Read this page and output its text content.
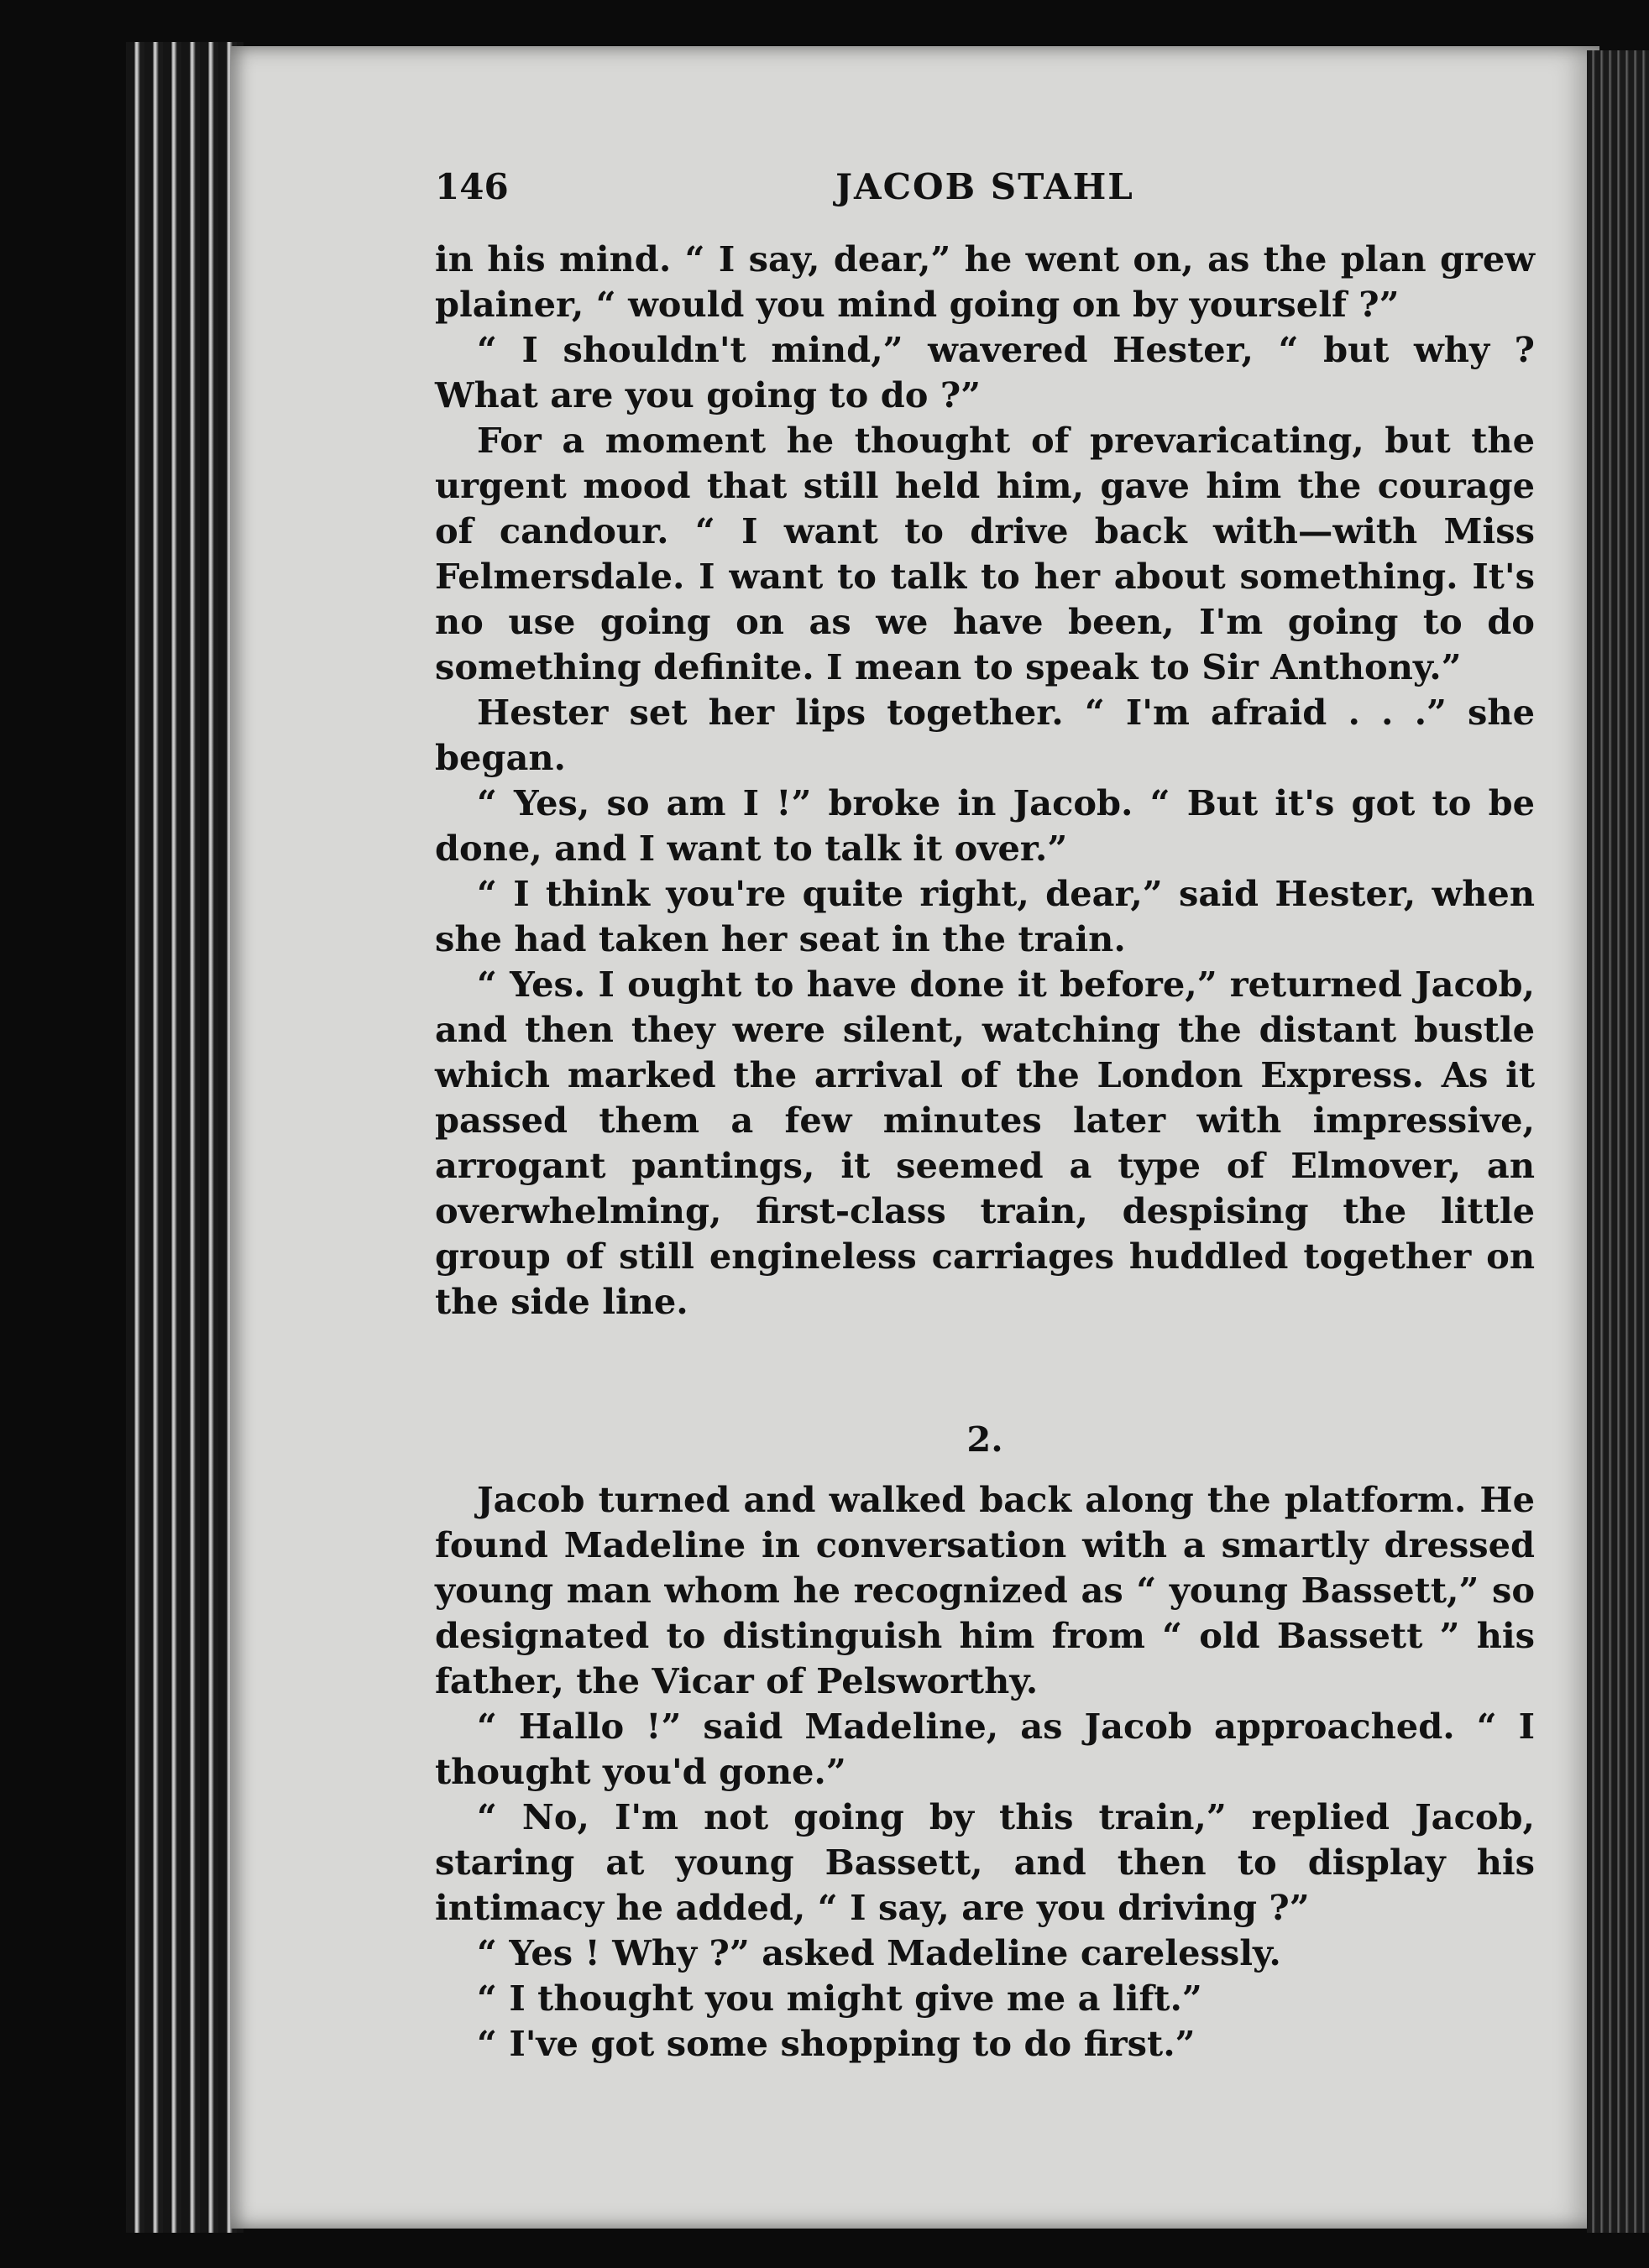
146	JACOB STAHL

in his mind. “ I say, dear,” he went on, as the plan grew plainer, “ would you mind going on by yourself ?”

“ I shouldn't mind,” wavered Hester, “ but why ? What are you going to do ?”

For a moment he thought of prevaricating, but the urgent mood that still held him, gave him the courage of candour. “ I want to drive back with—with Miss Felmersdale. I want to talk to her about something. It's no use going on as we have been, I'm going to do something definite. I mean to speak to Sir Anthony.”

Hester set her lips together. “ I'm afraid . . .” she began.

“ Yes, so am I !” broke in Jacob. “ But it's got to be done, and I want to talk it over.”

“ I think you're quite right, dear,” said Hester, when she had taken her seat in the train.

“ Yes. I ought to have done it before,” returned Jacob, and then they were silent, watching the distant bustle which marked the arrival of the London Express. As it passed them a few minutes later with impressive, arrogant pantings, it seemed a type of Elmover, an overwhelming, first-class train, despising the little group of still engineless carriages huddled together on the side line.

2.

Jacob turned and walked back along the platform. He found Madeline in conversation with a smartly dressed young man whom he recognized as “ young Bassett,” so designated to distinguish him from “ old Bassett ” his father, the Vicar of Pelsworthy.

“ Hallo !” said Madeline, as Jacob approached. “ I thought you'd gone.”

“ No, I'm not going by this train,” replied Jacob, staring at young Bassett, and then to display his intimacy he added, “ I say, are you driving ?”

“ Yes ! Why ?” asked Madeline carelessly.

“ I thought you might give me a lift.”

“ I've got some shopping to do first.”
